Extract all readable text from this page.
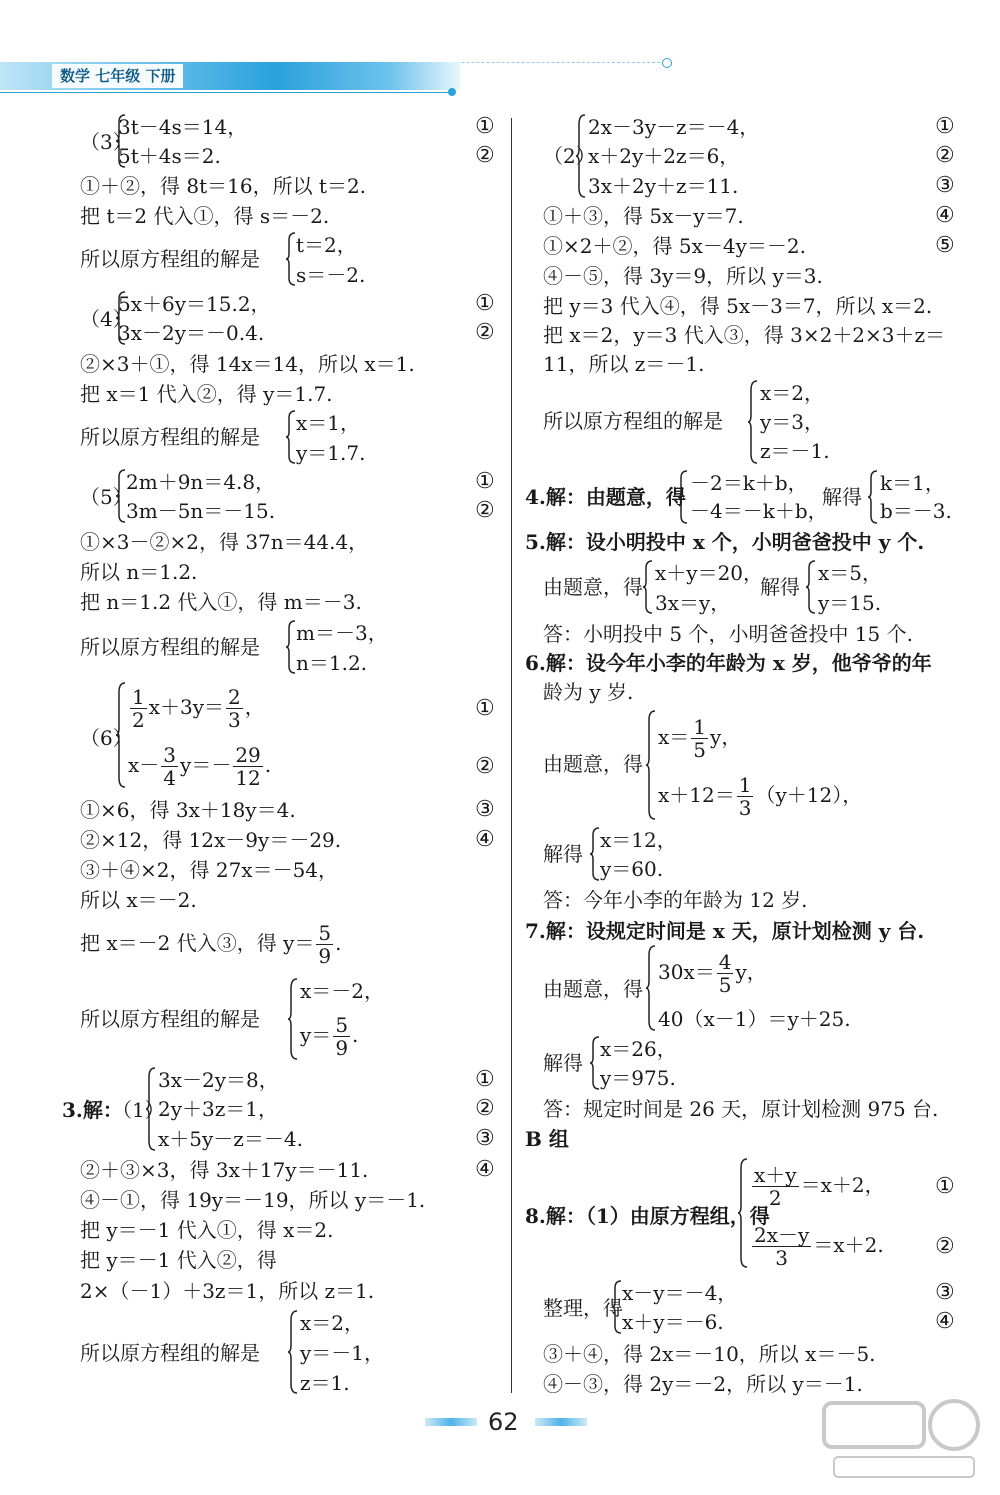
数学 七年级 下册
3t－4s＝14，
5t＋4s＝2.
①＋②，得 8t＝16，所以 t＝2.
把 t＝2 代入①，得 s＝－2.
所以原方程组的解是
t＝2，
s＝－2.
5x＋6y＝15.2，
3x－2y＝－0.4.
②×3＋①，得 14x＝14，所以 x＝1.
把 x＝1 代入②，得 y＝1.7.
所以原方程组的解是
x＝1，
y＝1.7.
2m＋9n＝4.8，
3m－5n＝－15.
①×3－②×2，得 37n＝44.4，
所以 n＝1.2.
把 n＝1.2 代入①，得 m＝－3.
所以原方程组的解是
m＝－3，
n＝1.2.
①×6，得 3x＋18y＝4.
②×12，得 12x－9y＝－29.
③＋④×2，得 27x＝－54，
所以 x＝－2.
所以原方程组的解是
x＝－2，
3x－2y＝8，
2y＋3z＝1，
x＋5y－z＝－4.
②＋③×3，得 3x＋17y＝－11.
④－①，得 19y＝－19，所以 y＝－1.
把 y＝－1 代入①，得 x＝2.
把 y＝－1 代入②，得
2×（－1）＋3z＝1，所以 z＝1.
所以原方程组的解是
x＝2，
y＝－1，
z＝1.
2x－3y－z＝－4，
x＋2y＋2z＝6，
3x＋2y＋z＝11.
①＋③，得 5x－y＝7.
①×2＋②，得 5x－4y＝－2.
④－⑤，得 3y＝9，所以 y＝3.
把 y＝3 代入④，得 5x－3＝7，所以 x＝2.
把 x＝2，y＝3 代入③，得 3×2＋2×3＋z＝
11，所以 z＝－1.
所以原方程组的解是
x＝2，
y＝3，
z＝－1.
4.解：由题意，得
－2＝k＋b，
－4＝－k＋b，
解得
k＝1，
b＝－3.
5.解：设小明投中 x 个，小明爸爸投中 y 个.
由题意，得
x＋y＝20，
3x＝y，
解得
x＝5，
y＝15.
答：小明投中 5 个，小明爸爸投中 15 个.
6.解：设今年小李的年龄为 x 岁，他爷爷的年
龄为 y 岁.
由题意，得
解得
x＝12，
y＝60.
答：今年小李的年龄为 12 岁.
7.解：设规定时间是 x 天，原计划检测 y 台.
由题意，得
40（x－1）＝y＋25.
解得
x＝26，
y＝975.
答：规定时间是 26 天，原计划检测 975 台.
B 组
8.解：（1）由原方程组，得
整理，得
x－y＝－4，
x＋y＝－6.
③＋④，得 2x＝－10，所以 x＝－5.
④－③，得 2y＝－2，所以 y＝－1.
①
②
①
②
①
②
①
②
③
④
①
②
③
④
①
②
③
④
⑤
①
②
③
④
（3）
（4）
（5）
（6）
3.解：
（1）
（2）
$\frac{1}{2} x+3y= \frac{2}{3}$ ，
$x- \frac{3}{4} y=- \frac{29}{12}$ .
把 x＝－2 代入③，得 $y= \frac{5}{9}$ .
$y= \frac{5}{9}$ .
$x= \frac{1}{5}$ y，
$x+12= \frac{1}{3} (y+12)$，
$30x= \frac{4}{5}$ y，
$\frac{x+y}{2} =x+2$，
$\frac{2x-y}{3} =x+2$.
62
